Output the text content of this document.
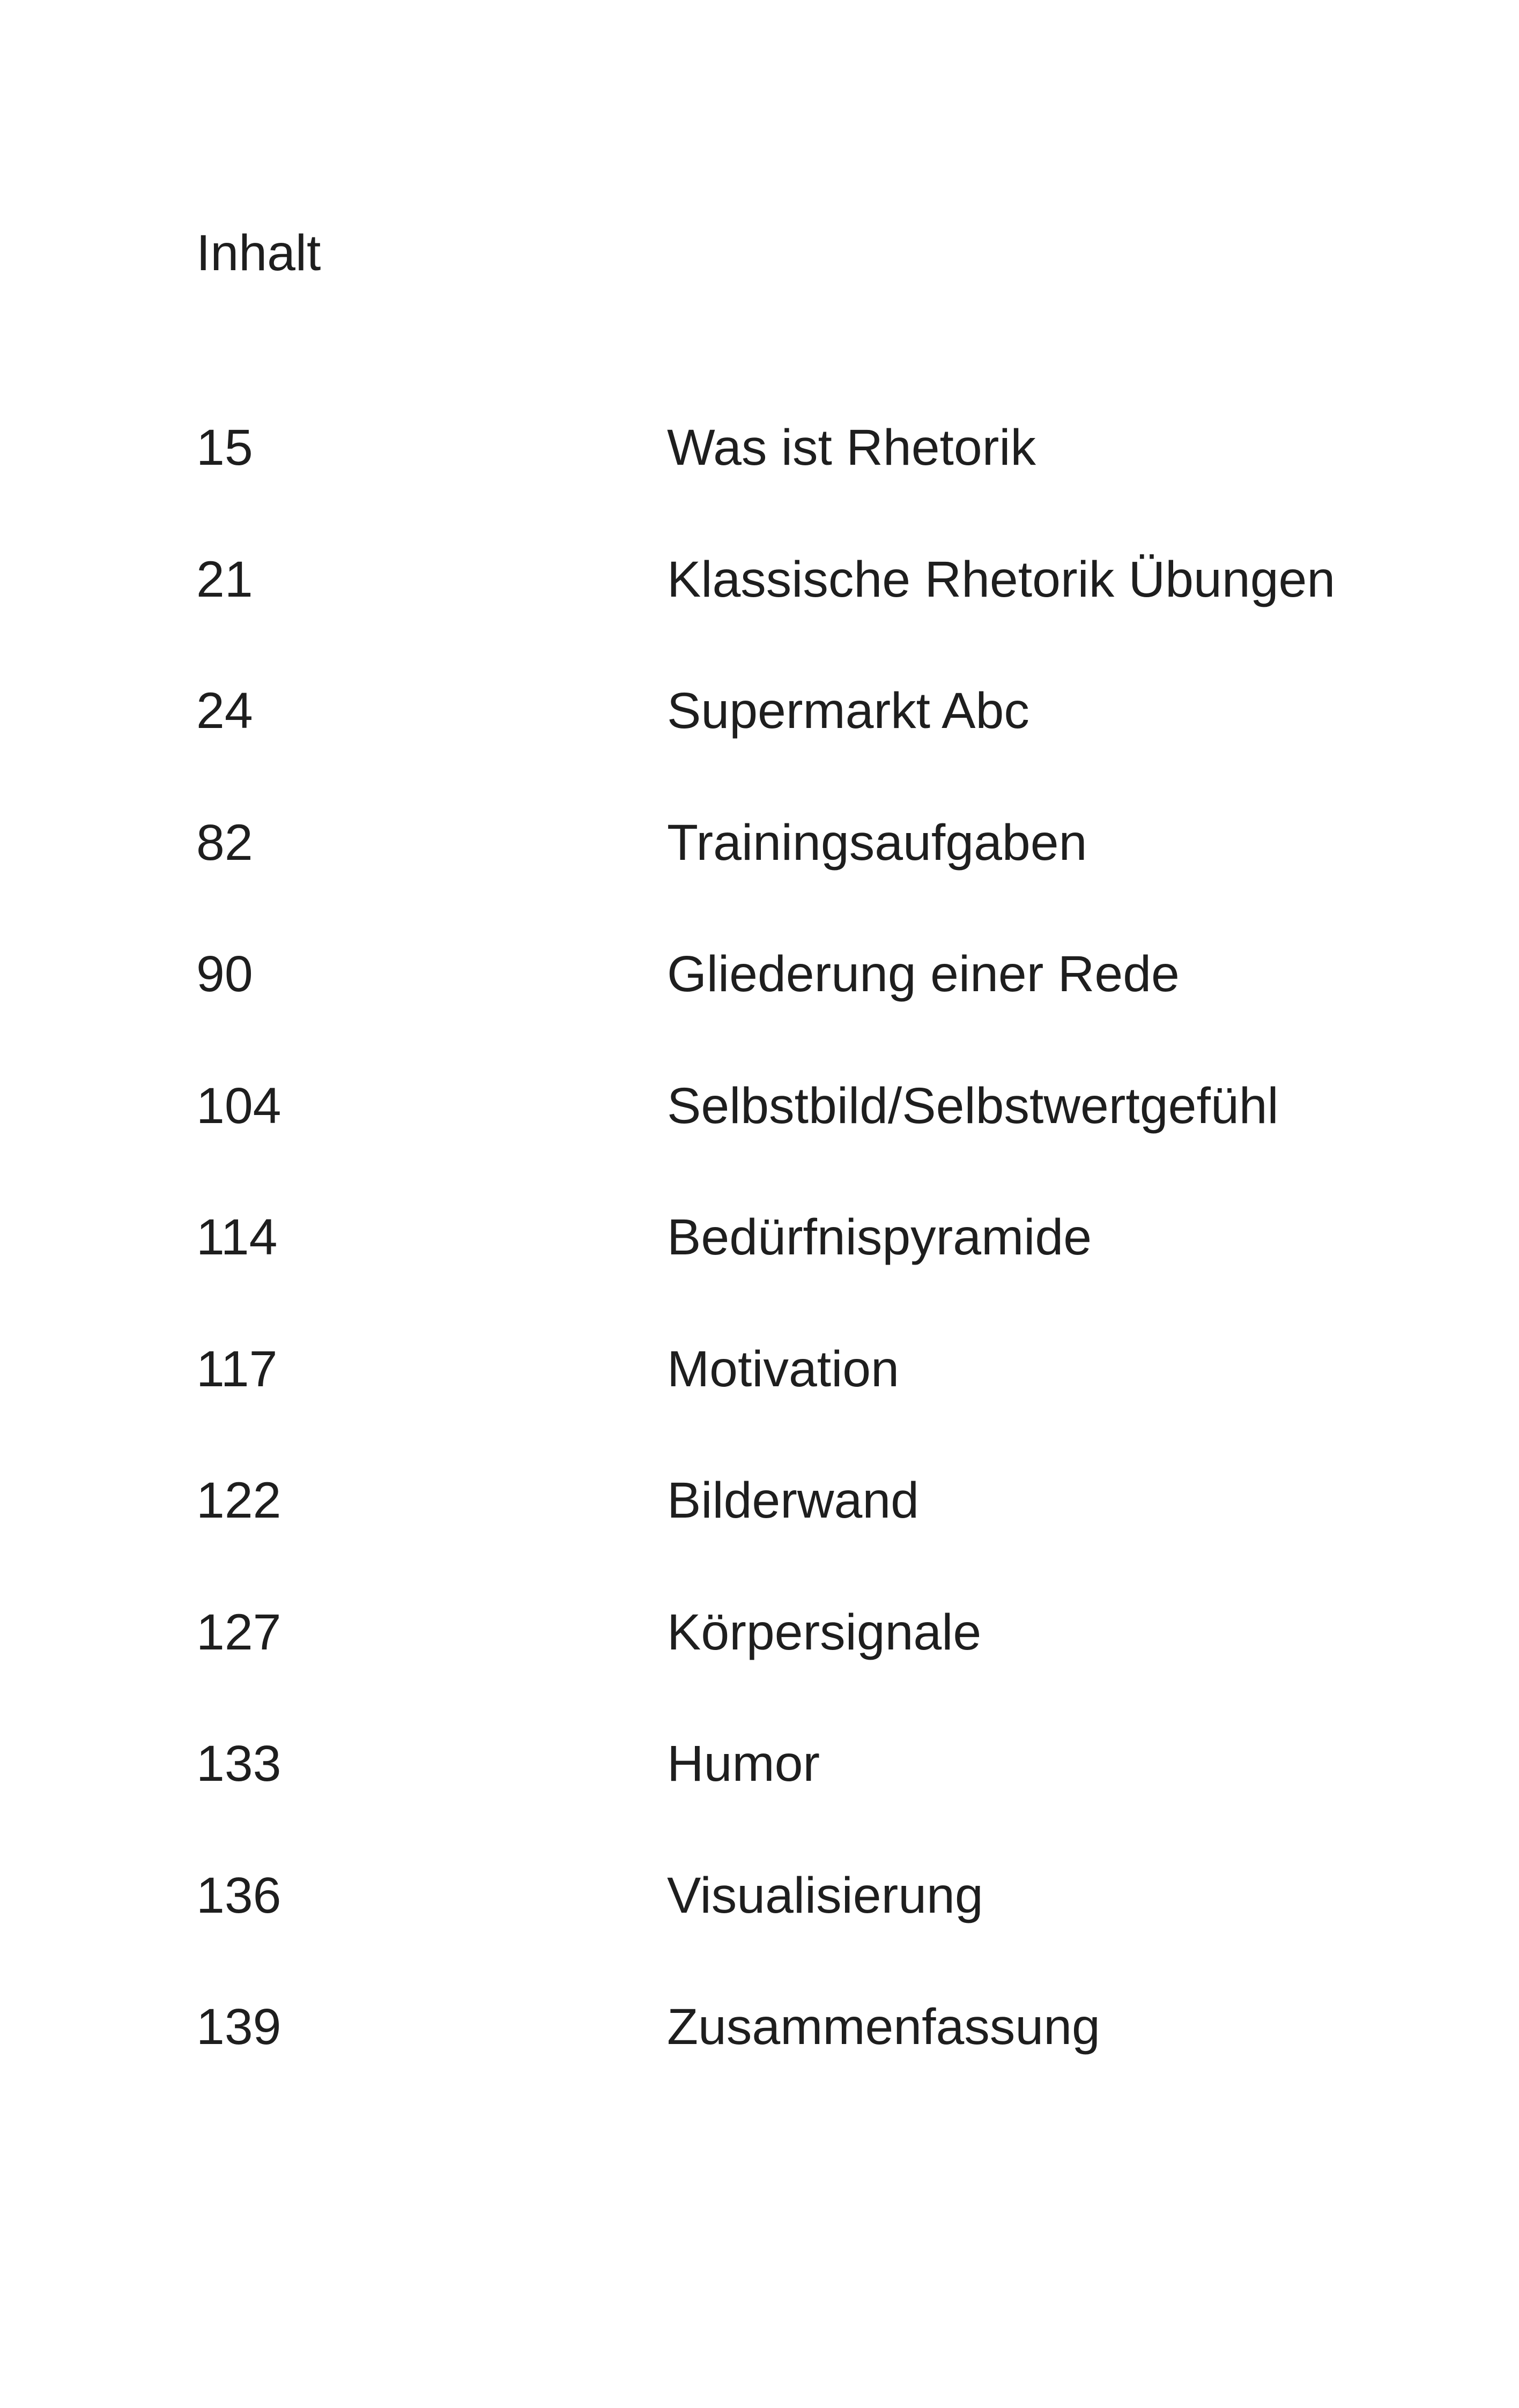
Inhalt
15	Was ist Rhetorik
21	Klassische Rhetorik Übungen
24	Supermarkt Abc
82	Trainingsaufgaben
90	Gliederung einer Rede
104	Selbstbild/Selbstwertgefühl
114	Bedürfnispyramide
117	Motivation
122	Bilderwand
127	Körpersignale
133	Humor
136	Visualisierung
139	Zusammenfassung
